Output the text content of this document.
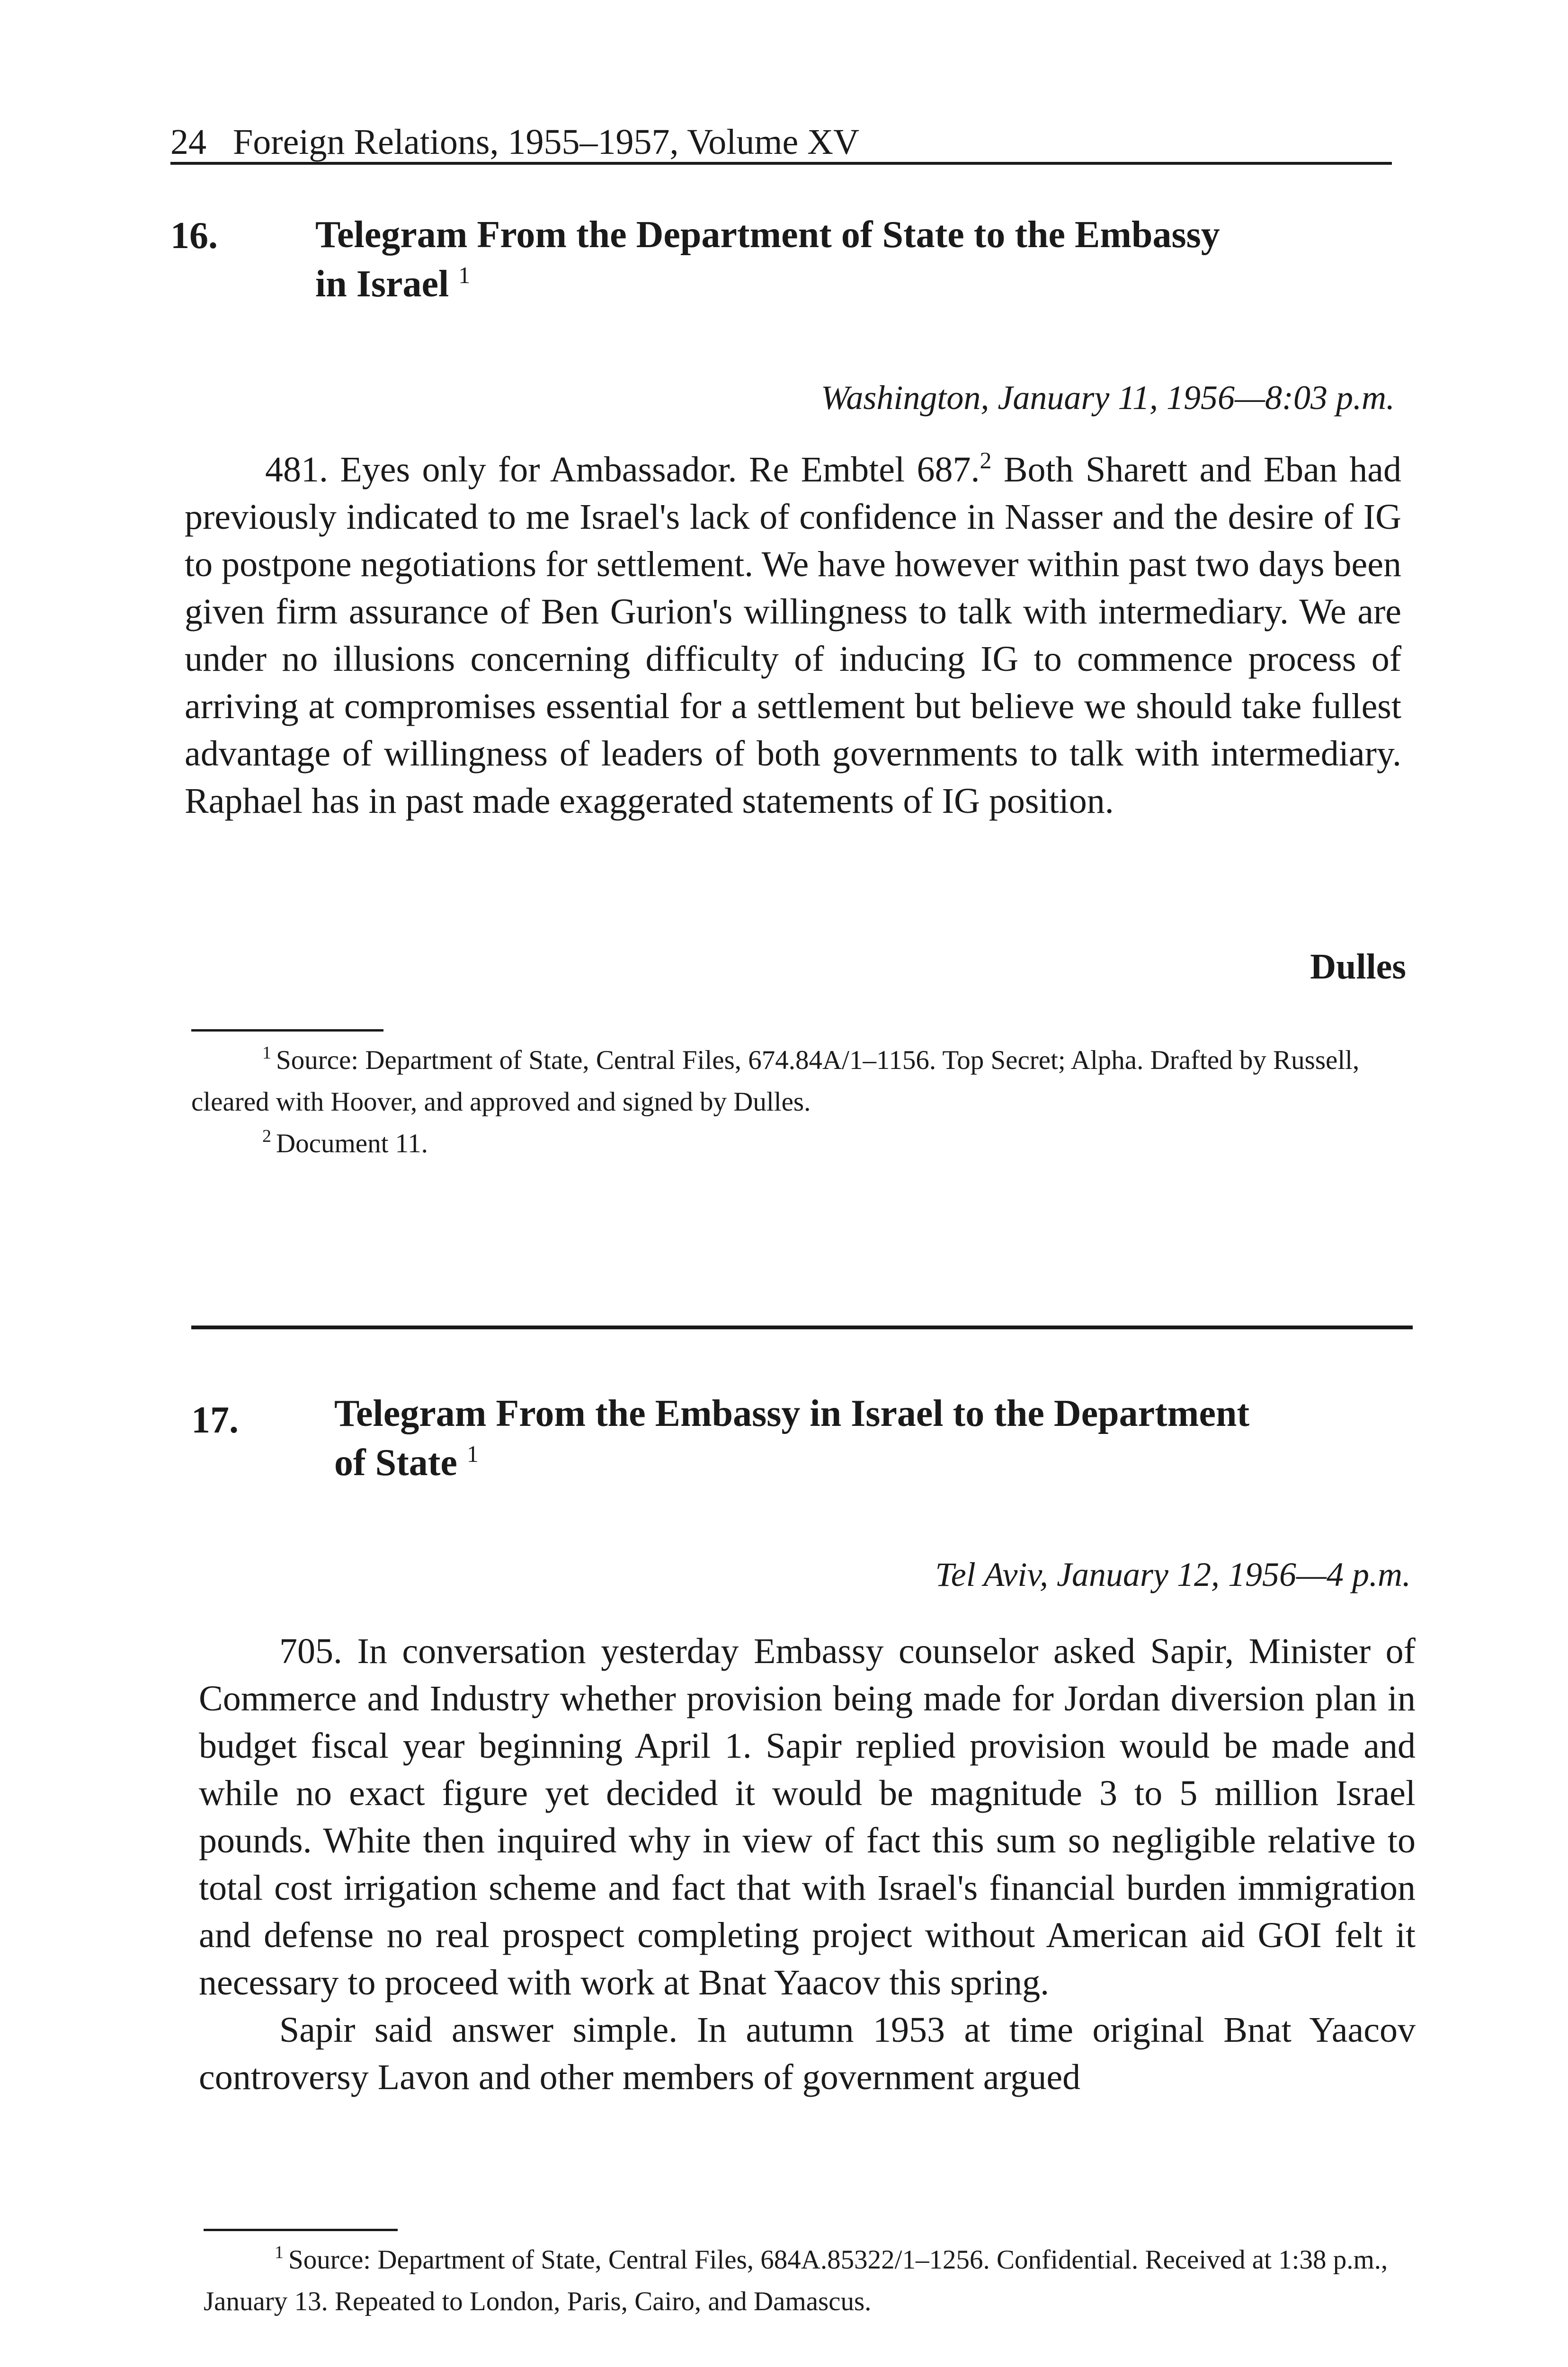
24 Foreign Relations, 1955–1957, Volume XV
16.	Telegram From the Department of State to the Embassy
in Israel $^1$
Washington, January 11, 1956—8:03 p.m.

481. Eyes only for Ambassador. Re Embtel 687.$^2$ Both Sharett and Eban had previously indicated to me Israel's lack of confidence in Nasser and the desire of IG to postpone negotiations for settlement. We have however within past two days been given firm assurance of Ben Gurion's willingness to talk with intermediary. We are under no illusions concerning difficulty of inducing IG to commence process of arriving at compromises essential for a settlement but believe we should take fullest advantage of willingness of leaders of both governments to talk with intermediary. Raphael has in past made exaggerated statements of IG position.

Dulles

$^1$ Source: Department of State, Central Files, 674.84A/1–1156. Top Secret; Alpha. Drafted by Russell, cleared with Hoover, and approved and signed by Dulles.

$^2$ Document 11.

17.	Telegram From the Embassy in Israel to the Department
of State $^1$
Tel Aviv, January 12, 1956—4 p.m.

705. In conversation yesterday Embassy counselor asked Sapir, Minister of Commerce and Industry whether provision being made for Jordan diversion plan in budget fiscal year beginning April 1. Sapir replied provision would be made and while no exact figure yet decided it would be magnitude 3 to 5 million Israel pounds. White then inquired why in view of fact this sum so negligible relative to total cost irrigation scheme and fact that with Israel's financial burden immigration and defense no real prospect completing project without American aid GOI felt it necessary to proceed with work at Bnat Yaacov this spring.

Sapir said answer simple. In autumn 1953 at time original Bnat Yaacov controversy Lavon and other members of government argued

$^1$ Source: Department of State, Central Files, 684A.85322/1–1256. Confidential. Received at 1:38 p.m., January 13. Repeated to London, Paris, Cairo, and Damascus.
